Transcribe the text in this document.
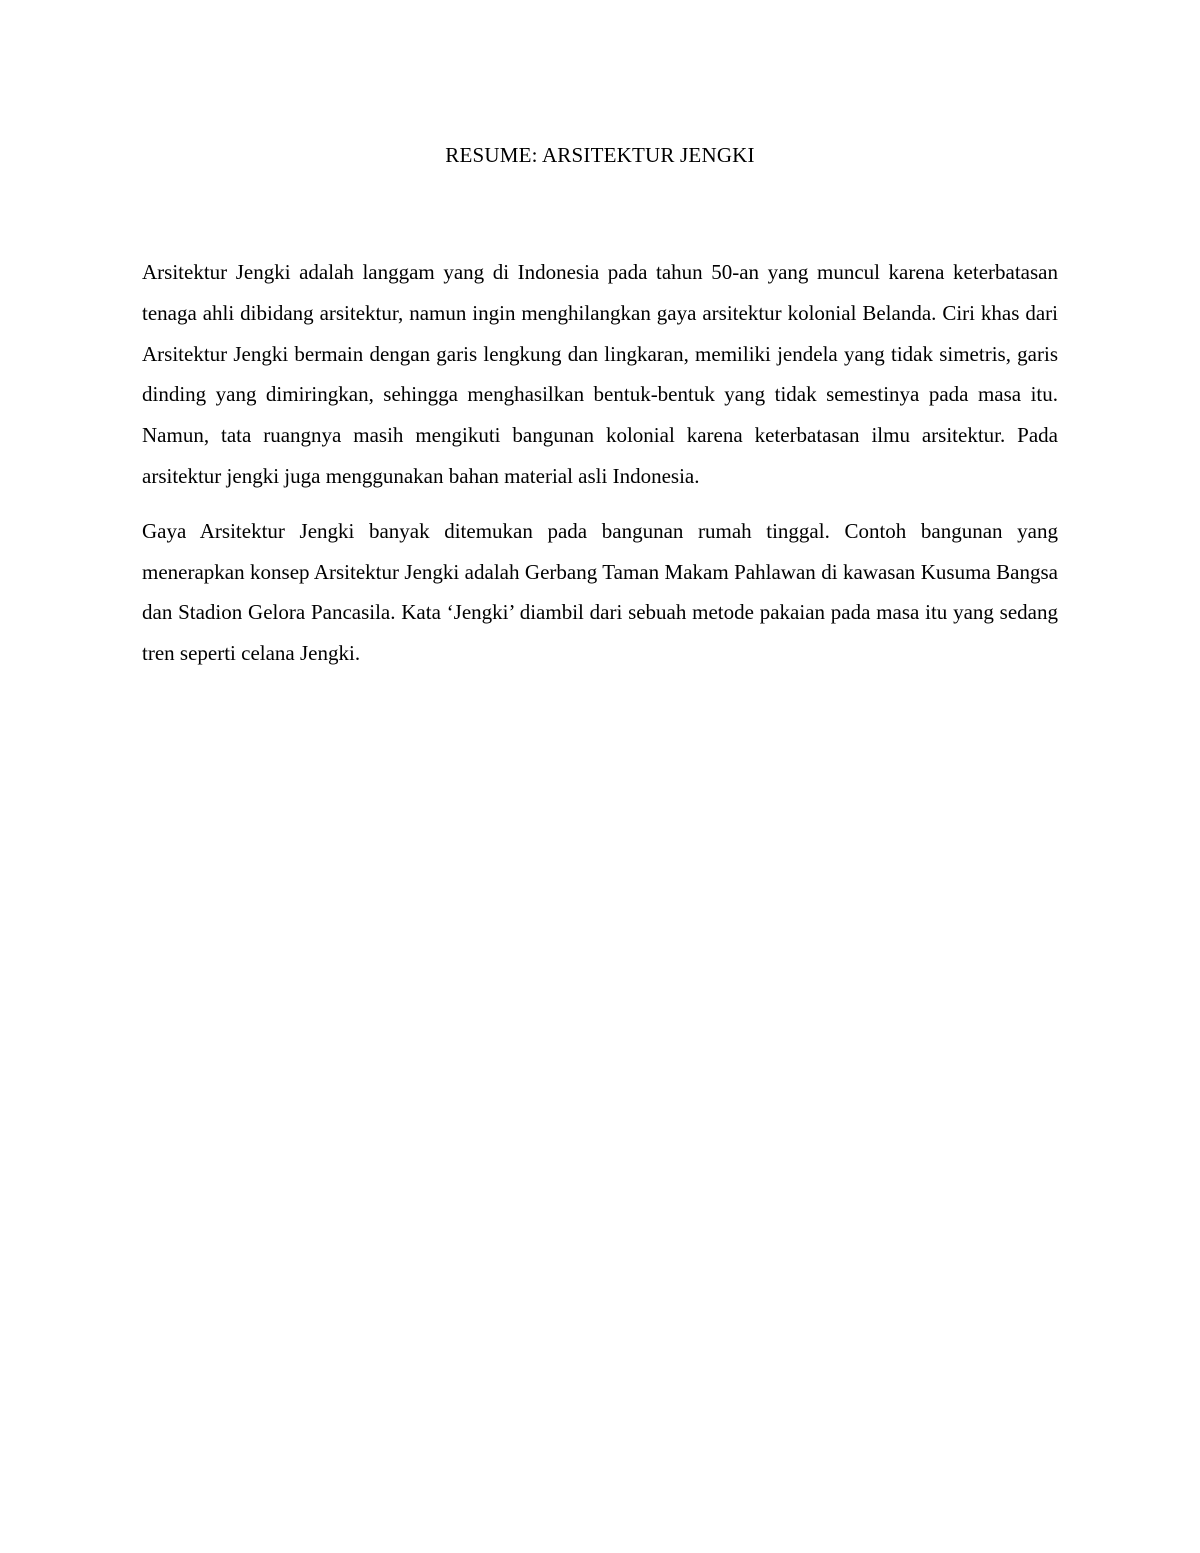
RESUME: ARSITEKTUR JENGKI

Arsitektur Jengki adalah langgam yang di Indonesia pada tahun 50-an yang muncul karena keterbatasan tenaga ahli dibidang arsitektur, namun ingin menghilangkan gaya arsitektur kolonial Belanda. Ciri khas dari Arsitektur Jengki bermain dengan garis lengkung dan lingkaran, memiliki jendela yang tidak simetris, garis dinding yang dimiringkan, sehingga menghasilkan bentuk-bentuk yang tidak semestinya pada masa itu. Namun, tata ruangnya masih mengikuti bangunan kolonial karena keterbatasan ilmu arsitektur. Pada arsitektur jengki juga menggunakan bahan material asli Indonesia.

Gaya Arsitektur Jengki banyak ditemukan pada bangunan rumah tinggal. Contoh bangunan yang menerapkan konsep Arsitektur Jengki adalah Gerbang Taman Makam Pahlawan di kawasan Kusuma Bangsa dan Stadion Gelora Pancasila. Kata ‘Jengki’ diambil dari sebuah metode pakaian pada masa itu yang sedang tren seperti celana Jengki.
